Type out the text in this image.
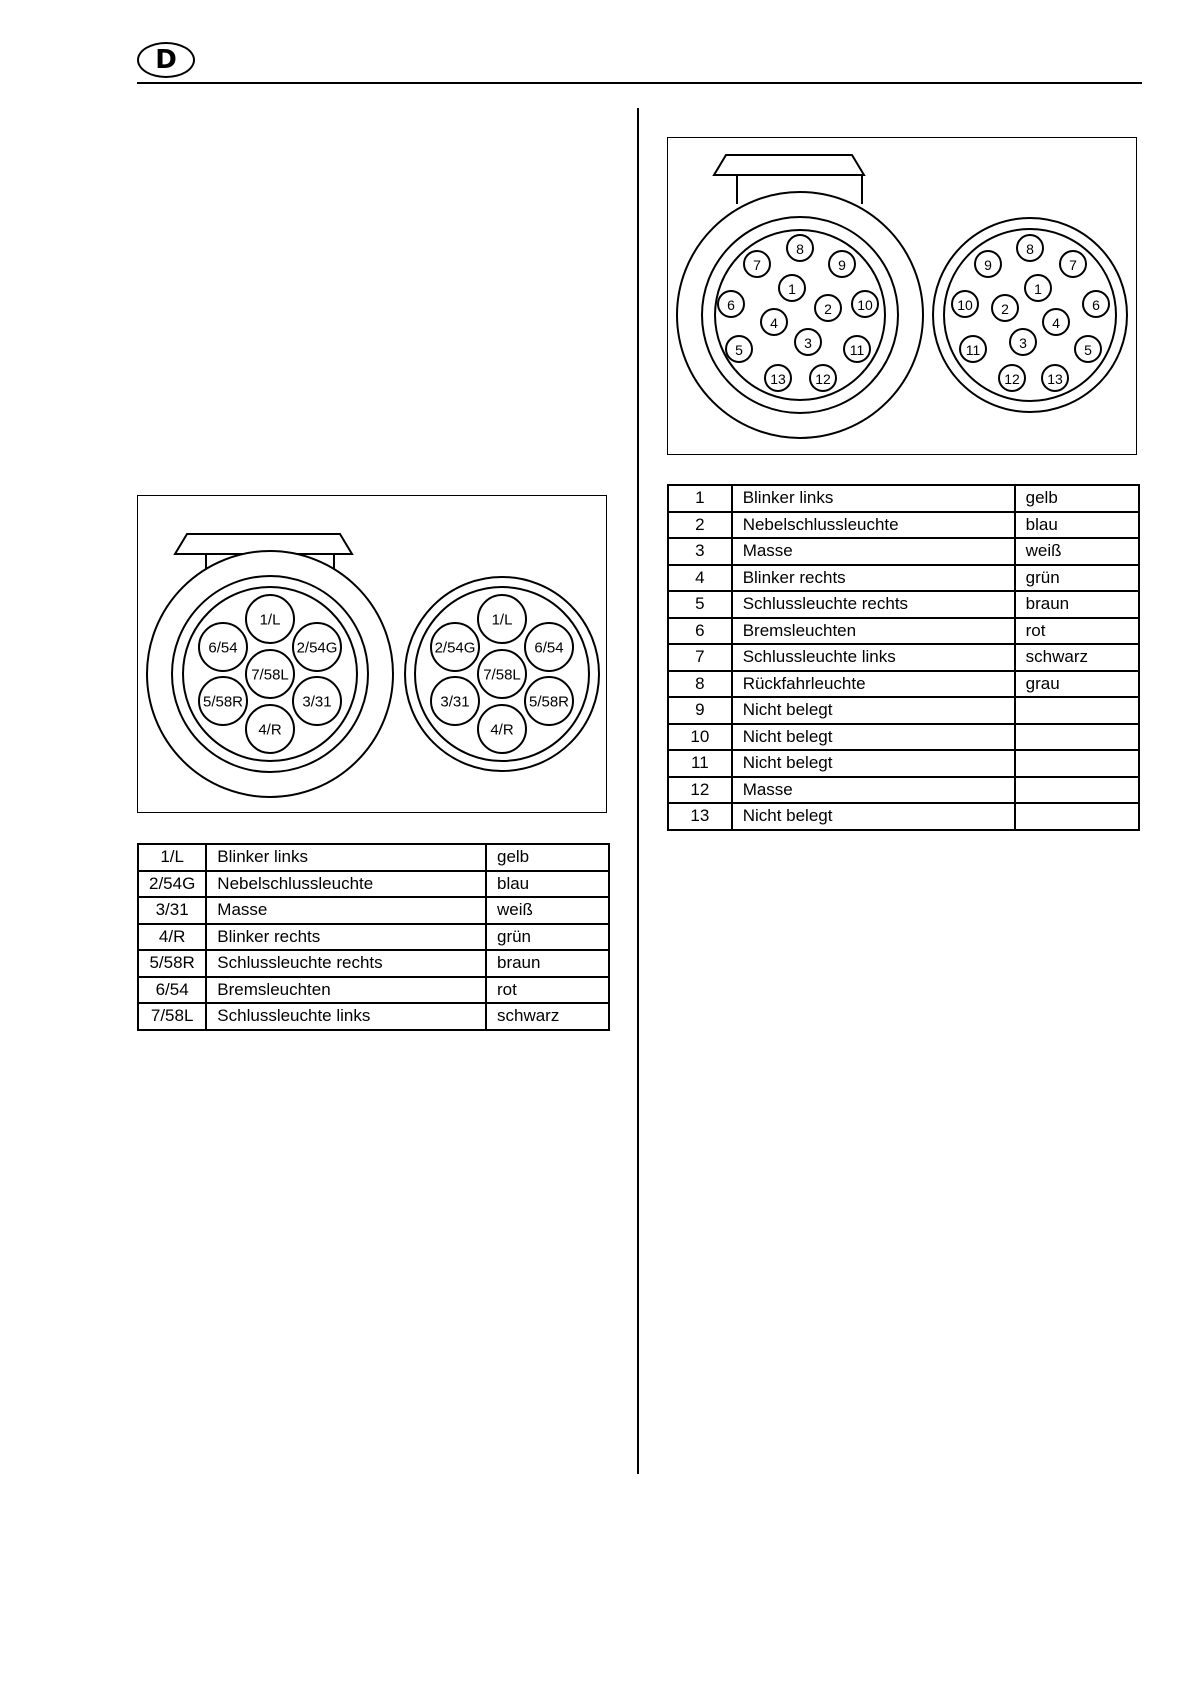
D
1/L
6/54	2/54G
7/58L
5/58R	3/31
4/R
1/L
2/54G	6/54
7/58L
3/31	5/58R
4/R
1/L	Blinker links	gelb
2/54G	Nebelschlussleuchte	blau
3/31	Masse	weiß
4/R	Blinker rechts	grün
5/58R	Schlussleuchte rechts	braun
6/54	Bremsleuchten	rot
7/58L	Schlussleuchte links	schwarz
8
7	9
1
6	2 10
4
3
5	11
13 12
8
9	7
1
10 2	6
4
3
11	5
12 13
1	Blinker links	gelb
2	Nebelschlussleuchte	blau
3	Masse	weiß
4	Blinker rechts	grün
5	Schlussleuchte rechts	braun
6	Bremsleuchten	rot
7	Schlussleuchte links	schwarz
8	Rückfahrleuchte	grau
9	Nicht belegt	
10	Nicht belegt	
11	Nicht belegt	
12	Masse	
13	Nicht belegt	
